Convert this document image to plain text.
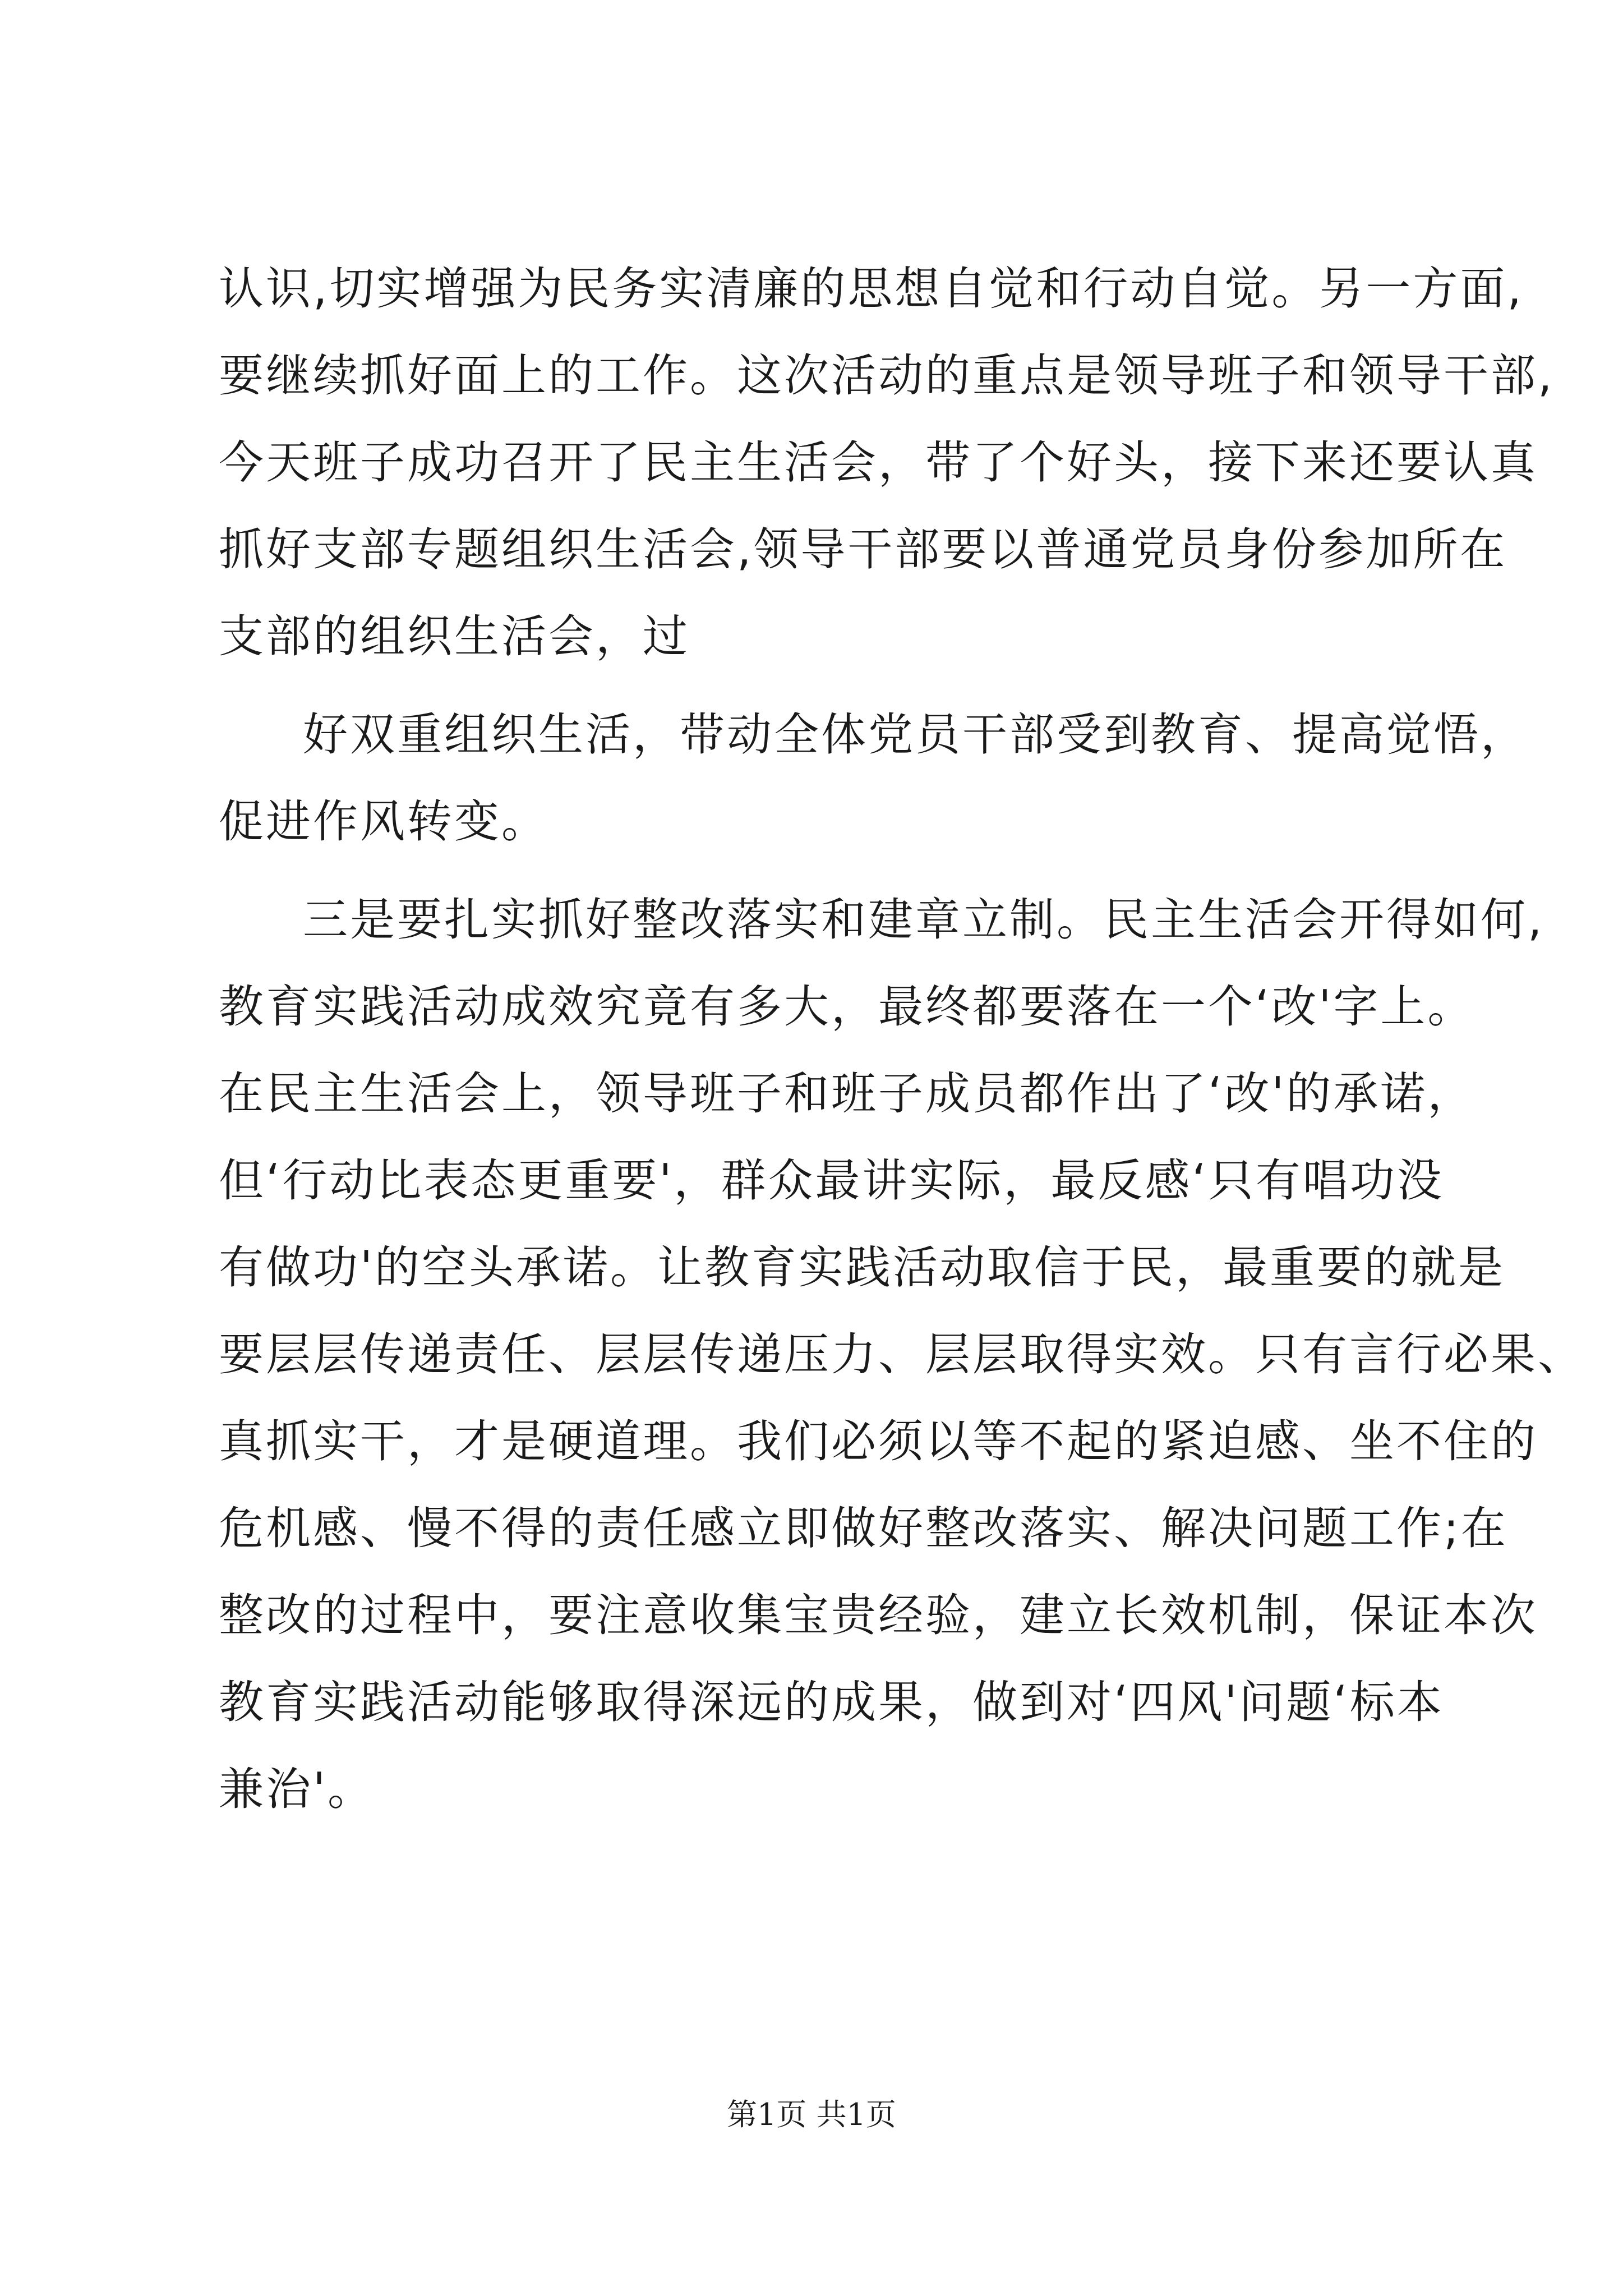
认识,切实增强为民务实清廉的思想自觉和行动自觉。另一方面,
要继续抓好面上的工作。这次活动的重点是领导班子和领导干部,
今天班子成功召开了民主生活会，带了个好头，接下来还要认真
抓好支部专题组织生活会,领导干部要以普通党员身份参加所在
支部的组织生活会，过
好双重组织生活，带动全体党员干部受到教育、提高觉悟，
促进作风转变。
三是要扎实抓好整改落实和建章立制。民主生活会开得如何,
教育实践活动成效究竟有多大，最终都要落在一个‘改'字上。
在民主生活会上，领导班子和班子成员都作出了‘改'的承诺，
但‘行动比表态更重要'，群众最讲实际，最反感‘只有唱功没
有做功'的空头承诺。让教育实践活动取信于民，最重要的就是
要层层传递责任、层层传递压力、层层取得实效。只有言行必果、
真抓实干，才是硬道理。我们必须以等不起的紧迫感、坐不住的
危机感、慢不得的责任感立即做好整改落实、解决问题工作;在
整改的过程中，要注意收集宝贵经验，建立长效机制，保证本次
教育实践活动能够取得深远的成果，做到对‘四风'问题‘标本
兼治'。
第1页 共1页
